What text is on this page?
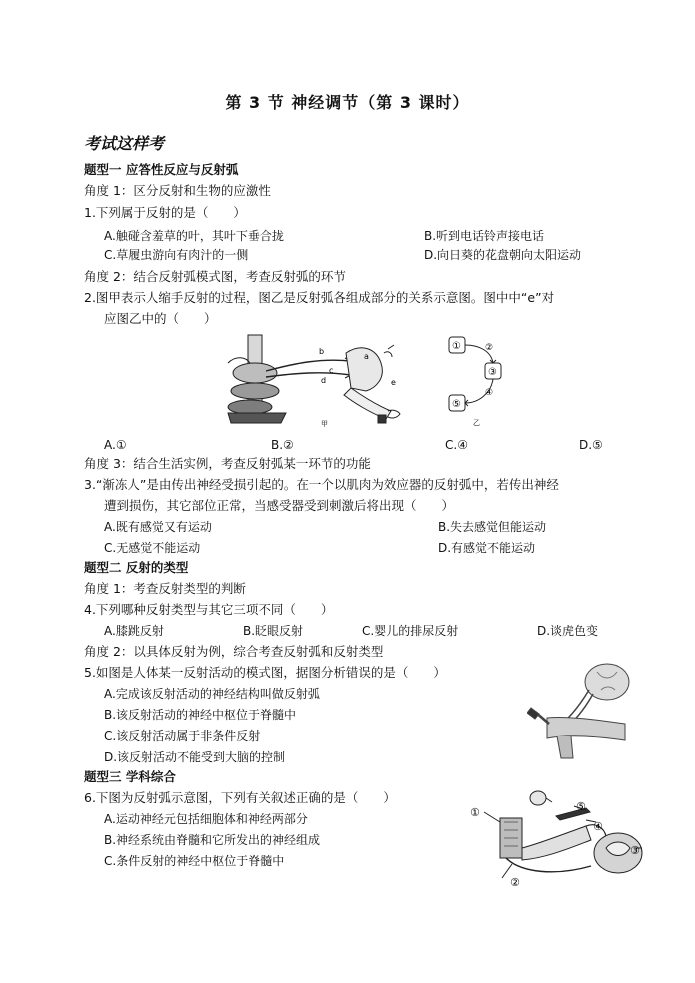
第 3 节 神经调节（第 3 课时）
考试这样考
题型一 应答性反应与反射弧
角度 1：区分反射和生物的应激性
1.下列属于反射的是（　　）
A.触碰含羞草的叶，其叶下垂合拢	B.听到电话铃声接电话
C.草履虫游向有肉汁的一侧	D.向日葵的花盘朝向太阳运动
角度 2：结合反射弧模式图，考查反射弧的环节
2.图甲表示人缩手反射的过程，图乙是反射弧各组成部分的关系示意图。图中中“e”对
应图乙中的（　　）
b
a
c
d	e
甲
①	②
③
④
⑤
乙
A.①	B.②	C.④	D.⑤
角度 3：结合生活实例，考查反射弧某一环节的功能
3.“渐冻人”是由传出神经受损引起的。在一个以肌肉为效应器的反射弧中，若传出神经
遭到损伤，其它部位正常，当感受器受到刺激后将出现（　　）
A.既有感觉又有运动	B.失去感觉但能运动
C.无感觉不能运动	D.有感觉不能运动
题型二 反射的类型
角度 1：考查反射类型的判断
4.下列哪种反射类型与其它三项不同（　　）
A.膝跳反射	B.眨眼反射	C.婴儿的排尿反射	D.谈虎色变
角度 2：以具体反射为例，综合考查反射弧和反射类型
5.如图是人体某一反射活动的模式图，据图分析错误的是（　　）
A.完成该反射活动的神经结构叫做反射弧
B.该反射活动的神经中枢位于脊髓中
C.该反射活动属于非条件反射
D.该反射活动不能受到大脑的控制
题型三 学科综合
6.下图为反射弧示意图，下列有关叙述正确的是（　　）
A.运动神经元包括细胞体和神经两部分
B.神经系统由脊髓和它所发出的神经组成
C.条件反射的神经中枢位于脊髓中
①
②
③
④
⑤
